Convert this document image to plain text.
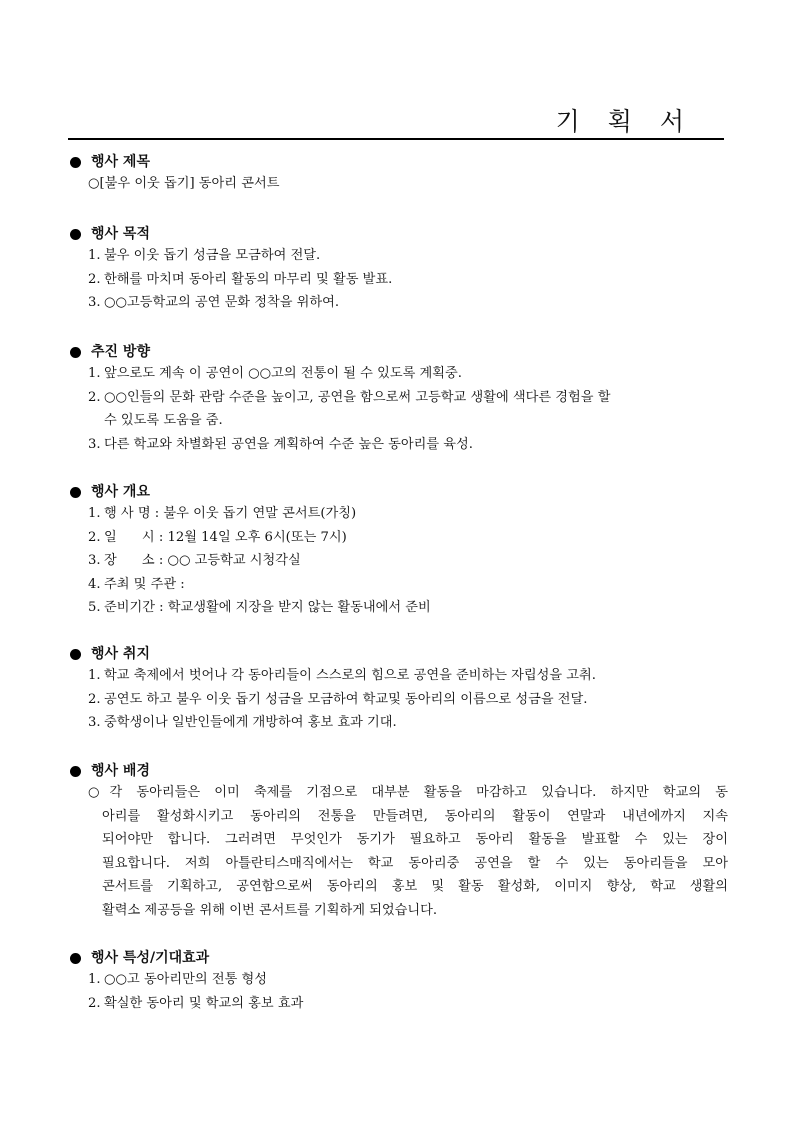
기 획 서
행사 제목
○[불우 이웃 돕기] 동아리 콘서트
행사 목적
1. 불우 이웃 돕기 성금을 모금하여 전달.
2. 한해를 마치며 동아리 활동의 마무리 및 활동 발표.
3. ○○고등학교의 공연 문화 정착을 위하여.
추진 방향
1. 앞으로도 계속 이 공연이 ○○고의 전통이 될 수 있도록 계획중.
2. ○○인들의 문화 관람 수준을 높이고, 공연을 함으로써 고등학교 생활에 색다른 경험을 할
수 있도록 도움을 줌.
3. 다른 학교와 차별화된 공연을 계획하여 수준 높은 동아리를 육성.
행사 개요
1. 행 사 명 : 불우 이웃 돕기 연말 콘서트(가칭)
2. 일      시 : 12월 14일 오후 6시(또는 7시)
3. 장      소 : ○○ 고등학교 시청각실
4. 주최 및 주관 :
5. 준비기간 : 학교생활에 지장을 받지 않는 활동내에서 준비
행사 취지
1. 학교 축제에서 벗어나 각 동아리들이 스스로의 힘으로 공연을 준비하는 자립성을 고취.
2. 공연도 하고 불우 이웃 돕기 성금을 모금하여 학교및 동아리의 이름으로 성금을 전달.
3. 중학생이나 일반인들에게 개방하여 홍보 효과 기대.
행사 배경
○각 동아리들은 이미 축제를 기점으로 대부분 활동을 마감하고 있습니다. 하지만 학교의 동
아리를 활성화시키고 동아리의 전통을 만들려면, 동아리의 활동이 연말과 내년에까지 지속
되어야만 합니다. 그러려면 무엇인가 동기가 필요하고 동아리 활동을 발표할 수 있는 장이
필요합니다. 저희 아틀란티스매직에서는 학교 동아리중 공연을 할 수 있는 동아리들을 모아
콘서트를 기획하고, 공연함으로써 동아리의 홍보 및 활동 활성화, 이미지 향상, 학교 생활의
활력소 제공등을 위해 이번 콘서트를 기획하게 되었습니다.
행사 특성/기대효과
1. ○○고 동아리만의 전통 형성
2. 확실한 동아리 및 학교의 홍보 효과
